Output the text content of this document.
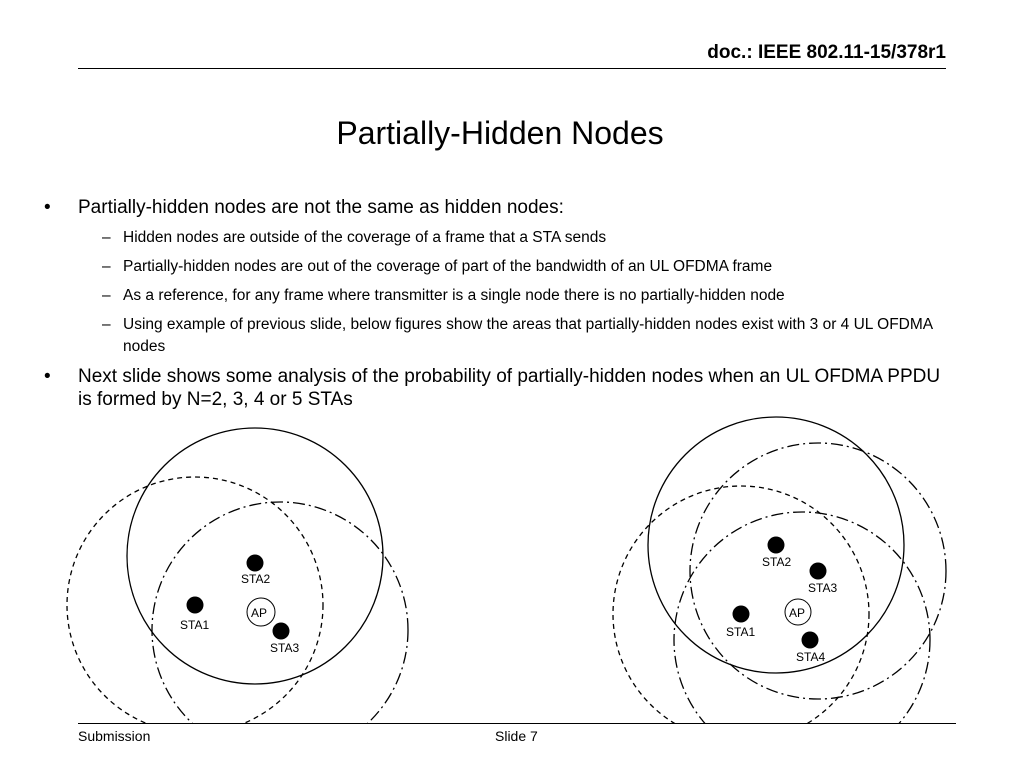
doc.: IEEE 802.11-15/378r1
Partially-Hidden Nodes
•	Partially-hidden nodes are not the same as hidden nodes:
– Hidden nodes are outside of the coverage of a frame that a STA sends
– Partially-hidden nodes are out of the coverage of part of the bandwidth of an UL OFDMA frame
– As a reference, for any frame where transmitter is a single node there is no partially-hidden node
– Using example of previous slide, below figures show the areas that partially-hidden nodes exist with 3 or 4 UL OFDMA nodes
•	Next slide shows some analysis of the probability of partially-hidden nodes when an UL OFDMA PPDU is formed by N=2, 3, 4 or 5 STAs
STA2
STA1
STA3
AP
STA2
STA3
STA1
STA4
AP
Submission	Slide 7
